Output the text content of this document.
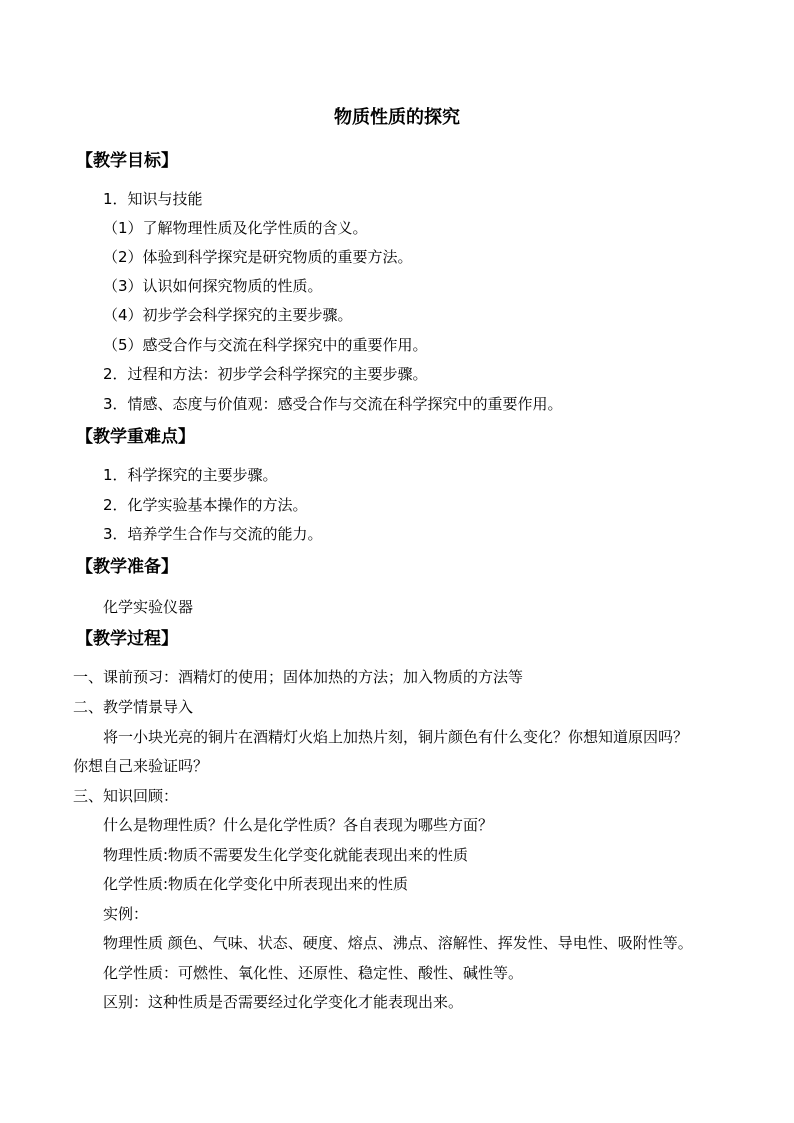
物质性质的探究
【教学目标】
1．知识与技能
（1）了解物理性质及化学性质的含义。
（2）体验到科学探究是研究物质的重要方法。
（3）认识如何探究物质的性质。
（4）初步学会科学探究的主要步骤。
（5）感受合作与交流在科学探究中的重要作用。
2．过程和方法：初步学会科学探究的主要步骤。
3．情感、态度与价值观：感受合作与交流在科学探究中的重要作用。
【教学重难点】
1．科学探究的主要步骤。
2．化学实验基本操作的方法。
3．培养学生合作与交流的能力。
【教学准备】
化学实验仪器
【教学过程】
一、课前预习：酒精灯的使用；固体加热的方法；加入物质的方法等
二、教学情景导入
将一小块光亮的铜片在酒精灯火焰上加热片刻，铜片颜色有什么变化？你想知道原因吗？
你想自己来验证吗？
三、知识回顾：
什么是物理性质？什么是化学性质？各自表现为哪些方面？
物理性质:物质不需要发生化学变化就能表现出来的性质
化学性质:物质在化学变化中所表现出来的性质
实例：
物理性质 颜色、气味、状态、硬度、熔点、沸点、溶解性、挥发性、导电性、吸附性等。
化学性质：可燃性、氧化性、还原性、稳定性、酸性、碱性等。
区别：这种性质是否需要经过化学变化才能表现出来。
